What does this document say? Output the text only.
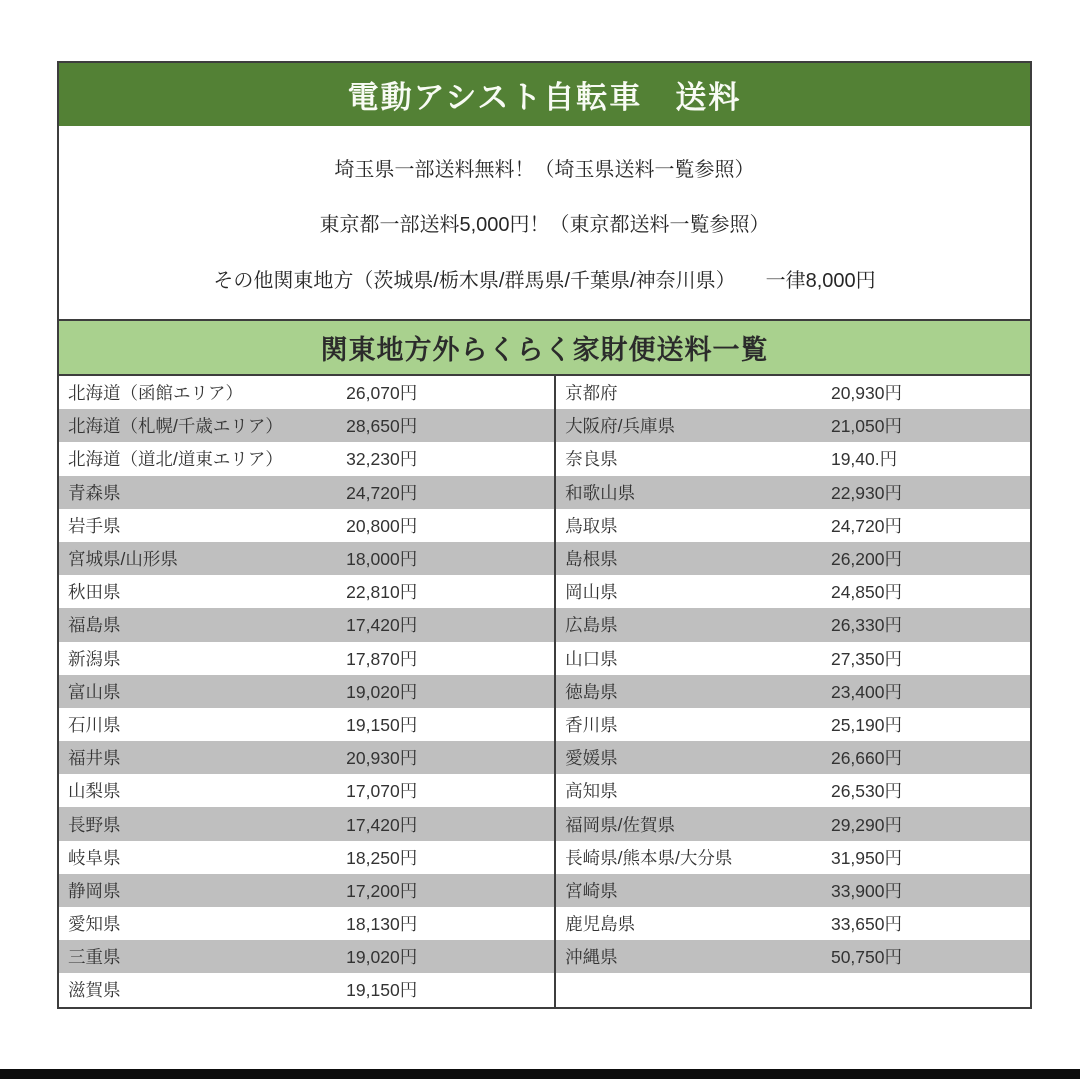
電動アシスト自転車　送料
埼玉県一部送料無料！（埼玉県送料一覧参照）
東京都一部送料5,000円！（東京都送料一覧参照）
その他関東地方（茨城県/栃木県/群馬県/千葉県/神奈川県）　　一律8,000円
関東地方外らくらく家財便送料一覧
北海道（函館エリア）	26,070円
北海道（札幌/千歳エリア）	28,650円
北海道（道北/道東エリア）	32,230円
青森県	24,720円
岩手県	20,800円
宮城県/山形県	18,000円
秋田県	22,810円
福島県	17,420円
新潟県	17,870円
富山県	19,020円
石川県	19,150円
福井県	20,930円
山梨県	17,070円
長野県	17,420円
岐阜県	18,250円
静岡県	17,200円
愛知県	18,130円
三重県	19,020円
滋賀県	19,150円
京都府	20,930円
大阪府/兵庫県	21,050円
奈良県	19,40.円
和歌山県	22,930円
鳥取県	24,720円
島根県	26,200円
岡山県	24,850円
広島県	26,330円
山口県	27,350円
徳島県	23,400円
香川県	25,190円
愛媛県	26,660円
高知県	26,530円
福岡県/佐賀県	29,290円
長崎県/熊本県/大分県	31,950円
宮崎県	33,900円
鹿児島県	33,650円
沖縄県	50,750円
